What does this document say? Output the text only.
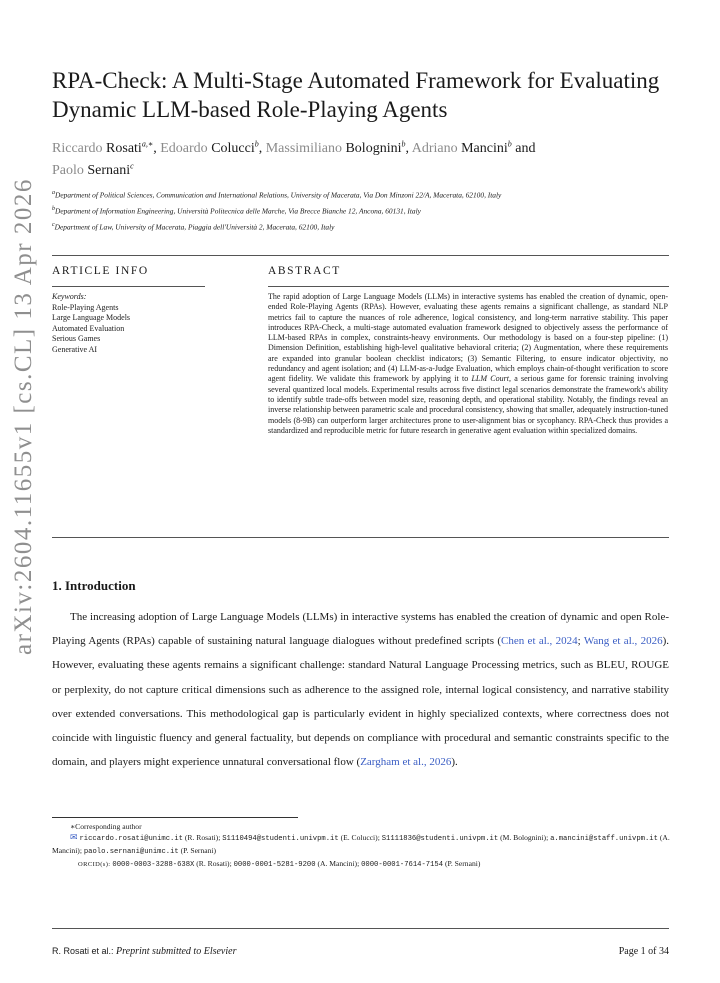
arXiv:2604.11655v1 [cs.CL] 13 Apr 2026
RPA-Check: A Multi-Stage Automated Framework for Evaluating
Dynamic LLM-based Role-Playing Agents
Riccardo Rosati$^{a,∗}$, Edoardo Colucci$^b$, Massimiliano Bolognini$^b$, Adriano Mancini$^b$ and
Paolo Sernani$^c$
$^a$Department of Political Sciences, Communication and International Relations, University of Macerata, Via Don Minzoni 22/A, Macerata, 62100, Italy
$^b$Department of Information Engineering, Università Politecnica delle Marche, Via Brecce Bianche 12, Ancona, 60131, Italy
$^c$Department of Law, University of Macerata, Piaggia dell'Università 2, Macerata, 62100, Italy
ARTICLE INFO	ABSTRACT
Keywords:
Role-Playing Agents
Large Language Models
Automated Evaluation
Serious Games
Generative AI
The rapid adoption of Large Language Models (LLMs) in interactive systems has enabled the creation of dynamic, open-ended Role-Playing Agents (RPAs). However, evaluating these agents remains a significant challenge, as standard NLP metrics fail to capture the nuances of role adherence, logical consistency, and long-term narrative stability. This paper introduces RPA-Check, a multi-stage automated evaluation framework designed to objectively assess the performance of LLM-based RPAs in complex, constraints-heavy environments. Our methodology is based on a four-step pipeline: (1) Dimension Definition, establishing high-level qualitative behavioral criteria; (2) Augmentation, where these requirements are expanded into granular boolean checklist indicators; (3) Semantic Filtering, to ensure indicator objectivity, no redundancy and agent isolation; and (4) LLM-as-a-Judge Evaluation, which employs chain-of-thought verification to score agent fidelity. We validate this framework by applying it to LLM Court, a serious game for forensic training involving several quantized local models. Experimental results across five distinct legal scenarios demonstrate the framework's ability to identify subtle trade-offs between model size, reasoning depth, and operational stability. Notably, the findings reveal an inverse relationship between parametric scale and procedural consistency, showing that smaller, adequately instruction-tuned models (8-9B) can outperform larger architectures prone to user-alignment bias or sycophancy. RPA-Check thus provides a standardized and reproducible metric for future research in generative agent evaluation within specialized domains.
1. Introduction
The increasing adoption of Large Language Models (LLMs) in interactive systems has enabled the creation of dynamic and open Role-Playing Agents (RPAs) capable of sustaining natural language dialogues without predefined scripts (Chen et al., 2024; Wang et al., 2026). However, evaluating these agents remains a significant challenge: standard Natural Language Processing metrics, such as BLEU, ROUGE or perplexity, do not capture critical dimensions such as adherence to the assigned role, internal logical consistency, and narrative stability over extended conversations. This methodological gap is particularly evident in highly specialized contexts, where correctness does not coincide with linguistic fluency and general factuality, but depends on compliance with procedural and semantic constraints specific to the domain, and players might experience unnatural conversational flow (Zargham et al., 2026).
∗Corresponding author
✉ riccardo.rosati@unimc.it (R. Rosati); S1110494@studenti.univpm.it (E. Colucci); S1111836@studenti.univpm.it (M. Bolognini); a.mancini@staff.univpm.it (A. Mancini); paolo.sernani@unimc.it (P. Sernani)
ORCID(s): 0000-0003-3288-638X (R. Rosati); 0000-0001-5281-9200 (A. Mancini); 0000-0001-7614-7154 (P. Sernani)
R. Rosati et al.: Preprint submitted to Elsevier	Page 1 of 34
